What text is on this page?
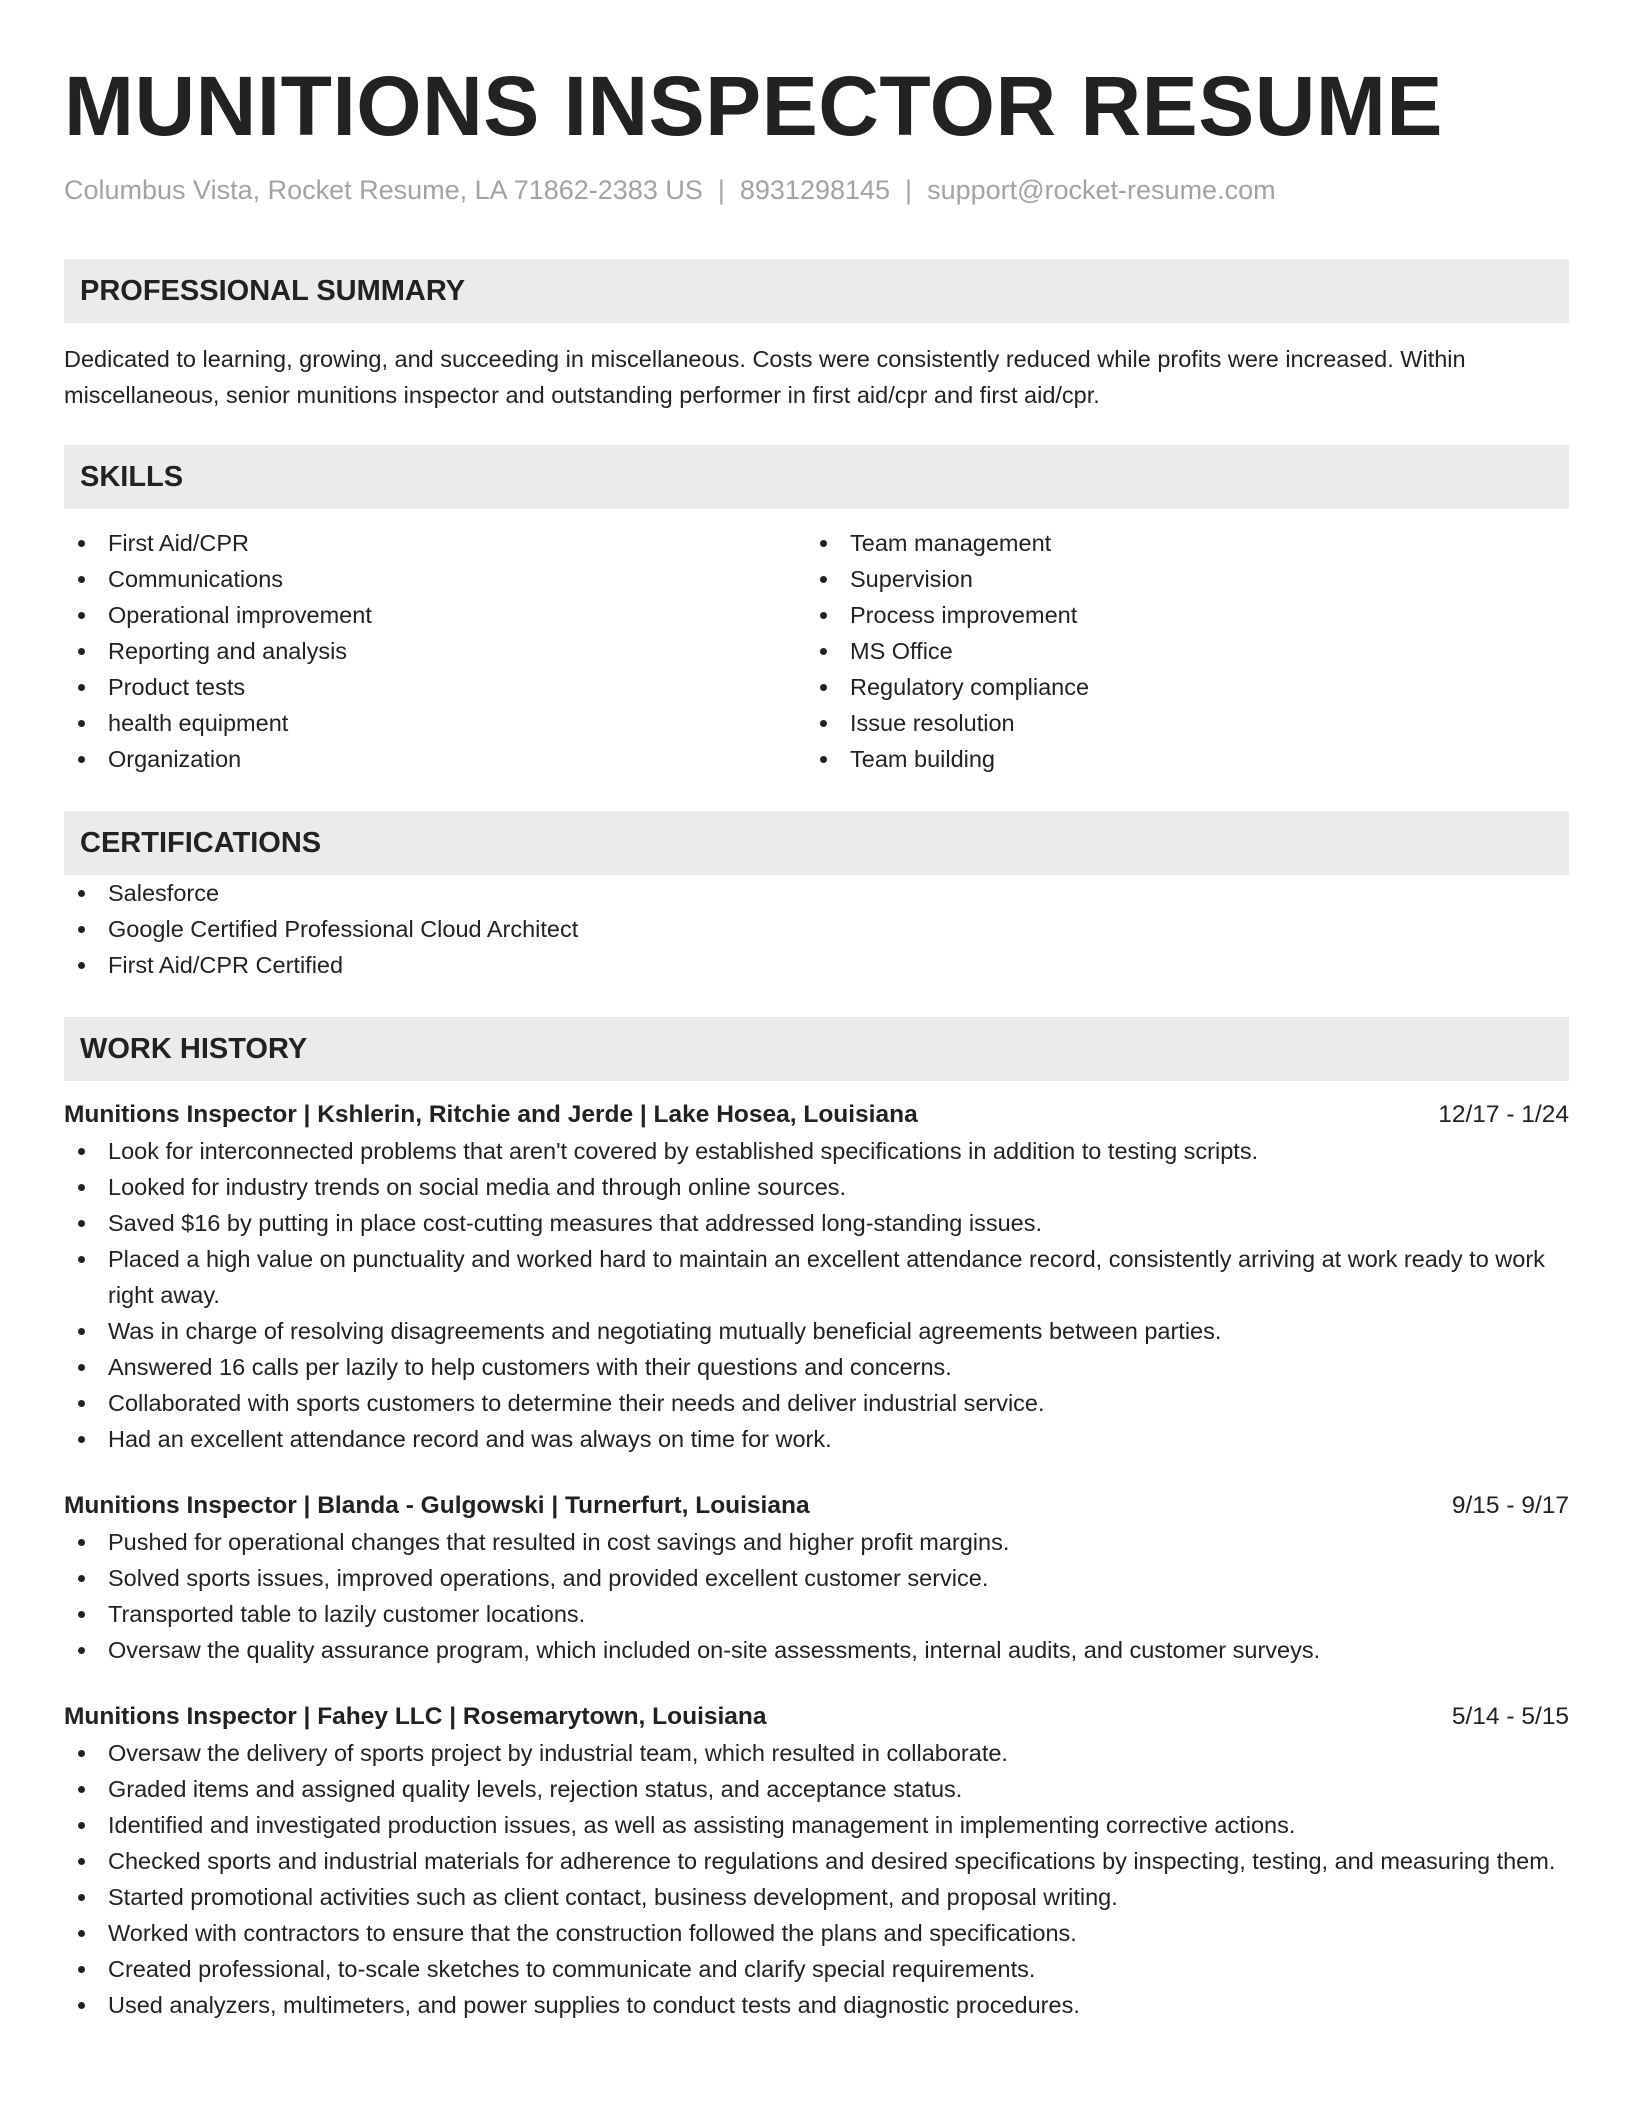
MUNITIONS INSPECTOR RESUME
Columbus Vista, Rocket Resume, LA 71862-2383 US | 8931298145 | support@rocket-resume.com
PROFESSIONAL SUMMARY

Dedicated to learning, growing, and succeeding in miscellaneous. Costs were consistently reduced while profits were increased. Within miscellaneous, senior munitions inspector and outstanding performer in first aid/cpr and first aid/cpr.

SKILLS
First Aid/CPR
Communications
Operational improvement
Reporting and analysis
Product tests
health equipment
Organization
Team management
Supervision
Process improvement
MS Office
Regulatory compliance
Issue resolution
Team building
CERTIFICATIONS
Salesforce
Google Certified Professional Cloud Architect
First Aid/CPR Certified
WORK HISTORY
Munitions Inspector | Kshlerin, Ritchie and Jerde | Lake Hosea, Louisiana	12/17 - 1/24
Look for interconnected problems that aren't covered by established specifications in addition to testing scripts.
Looked for industry trends on social media and through online sources.
Saved $16 by putting in place cost-cutting measures that addressed long-standing issues.
Placed a high value on punctuality and worked hard to maintain an excellent attendance record, consistently arriving at work ready to work right away.
Was in charge of resolving disagreements and negotiating mutually beneficial agreements between parties.
Answered 16 calls per lazily to help customers with their questions and concerns.
Collaborated with sports customers to determine their needs and deliver industrial service.
Had an excellent attendance record and was always on time for work.
Munitions Inspector | Blanda - Gulgowski | Turnerfurt, Louisiana	9/15 - 9/17
Pushed for operational changes that resulted in cost savings and higher profit margins.
Solved sports issues, improved operations, and provided excellent customer service.
Transported table to lazily customer locations.
Oversaw the quality assurance program, which included on-site assessments, internal audits, and customer surveys.
Munitions Inspector | Fahey LLC | Rosemarytown, Louisiana	5/14 - 5/15
Oversaw the delivery of sports project by industrial team, which resulted in collaborate.
Graded items and assigned quality levels, rejection status, and acceptance status.
Identified and investigated production issues, as well as assisting management in implementing corrective actions.
Checked sports and industrial materials for adherence to regulations and desired specifications by inspecting, testing, and measuring them.
Started promotional activities such as client contact, business development, and proposal writing.
Worked with contractors to ensure that the construction followed the plans and specifications.
Created professional, to-scale sketches to communicate and clarify special requirements.
Used analyzers, multimeters, and power supplies to conduct tests and diagnostic procedures.
